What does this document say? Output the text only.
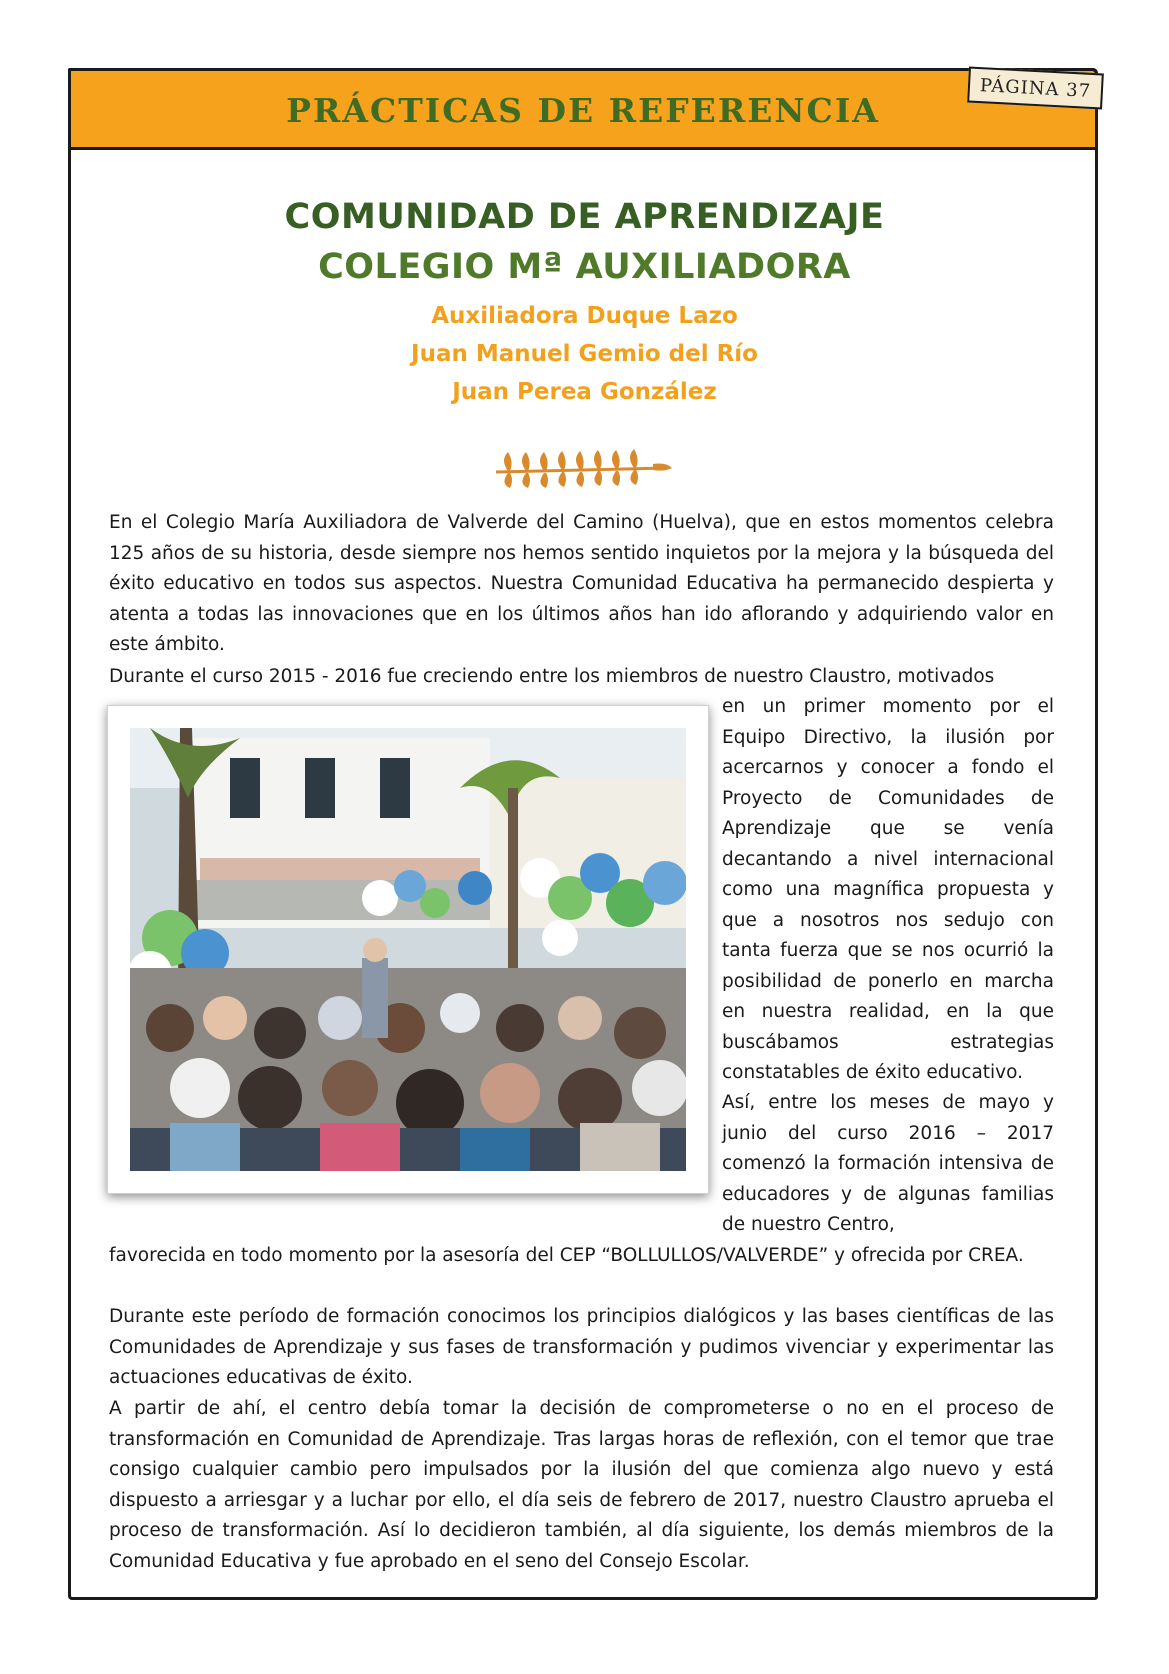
PRÁCTICAS DE REFERENCIA
PÁGINA 37
COMUNIDAD DE APRENDIZAJE
COLEGIO Mª AUXILIADORA
Auxiliadora Duque Lazo
Juan Manuel Gemio del Río
Juan Perea González

En el Colegio María Auxiliadora de Valverde del Camino (Huelva), que en estos momentos celebra 125 años de su historia, desde siempre nos hemos sentido inquietos por la mejora y la búsqueda del éxito educativo en todos sus aspectos. Nuestra Comunidad Educativa ha permanecido despierta y atenta a todas las innovaciones que en los últimos años han ido aflorando y adquiriendo valor en este ámbito.

Durante el curso 2015 - 2016 fue creciendo entre los miembros de nuestro Claustro, motivados

en un primer momento por el Equipo Directivo, la ilusión por acercarnos y conocer a fondo el Proyecto de Comunidades de Aprendizaje que se venía decantando a nivel internacional como una magnífica propuesta y que a nosotros nos sedujo con tanta fuerza que se nos ocurrió la posibilidad de ponerlo en marcha en nuestra realidad, en la que buscábamos estrategias constatables de éxito educativo.

Así, entre los meses de mayo y junio del curso 2016 – 2017 comenzó la formación intensiva de educadores y de algunas familias de nuestro Centro,

favorecida en todo momento por la asesoría del CEP “BOLLULLOS/VALVERDE” y ofrecida por CREA.

Durante este período de formación conocimos los principios dialógicos y las bases científicas de las Comunidades de Aprendizaje y sus fases de transformación y pudimos vivenciar y experimentar las actuaciones educativas de éxito.

A partir de ahí, el centro debía tomar la decisión de comprometerse o no en el proceso de transformación en Comunidad de Aprendizaje. Tras largas horas de reflexión, con el temor que trae consigo cualquier cambio pero impulsados por la ilusión del que comienza algo nuevo y está dispuesto a arriesgar y a luchar por ello, el día seis de febrero de 2017, nuestro Claustro aprueba el proceso de transformación. Así lo decidieron también, al día siguiente, los demás miembros de la Comunidad Educativa y fue aprobado en el seno del Consejo Escolar.
